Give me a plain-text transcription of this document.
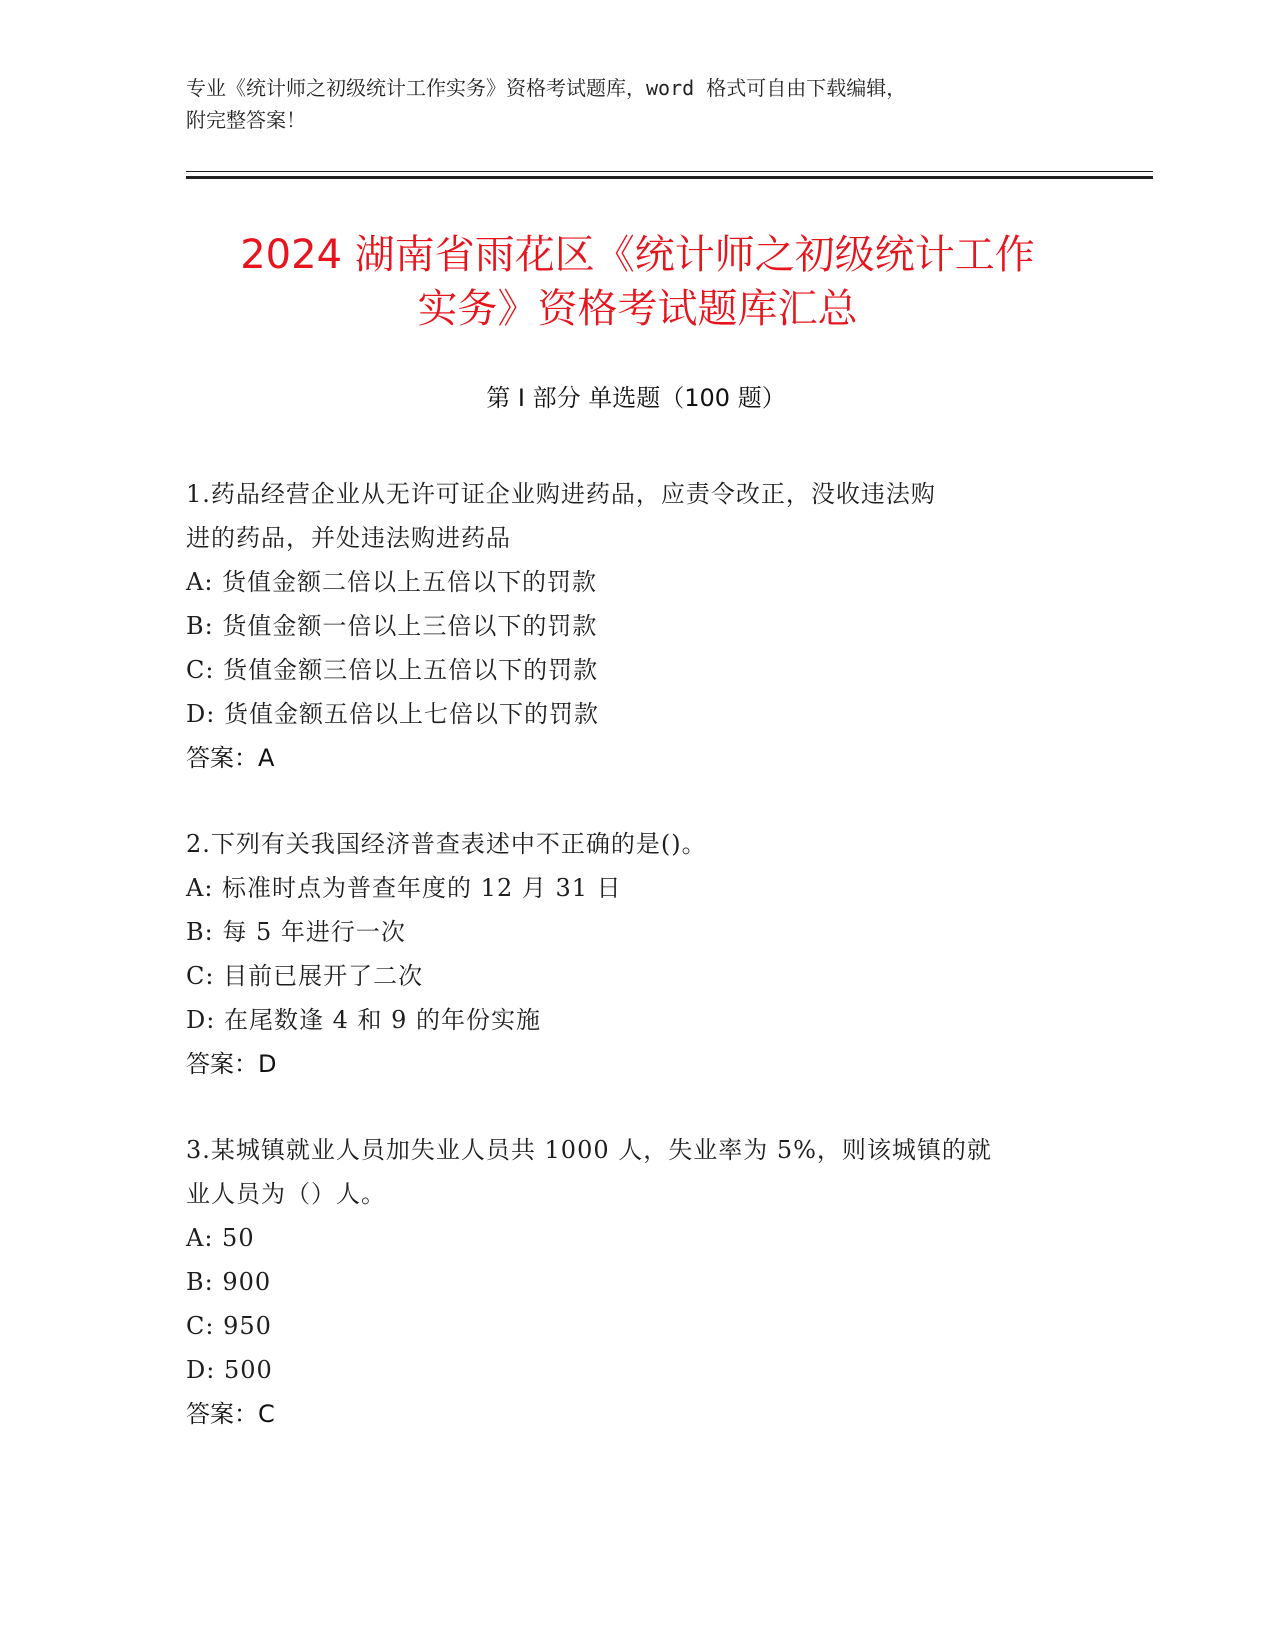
专业《统计师之初级统计工作实务》资格考试题库，word 格式可自由下载编辑，
附完整答案！
2024 湖南省雨花区《统计师之初级统计工作
实务》资格考试题库汇总
第 I 部分 单选题（100 题）

1.药品经营企业从无许可证企业购进药品，应责令改正，没收违法购

进的药品，并处违法购进药品

A: 货值金额二倍以上五倍以下的罚款

B: 货值金额一倍以上三倍以下的罚款

C: 货值金额三倍以上五倍以下的罚款

D: 货值金额五倍以上七倍以下的罚款

答案：A

2.下列有关我国经济普查表述中不正确的是()。

A: 标准时点为普查年度的 12 月 31 日

B: 每 5 年进行一次

C: 目前已展开了二次

D: 在尾数逢 4 和 9 的年份实施

答案：D

3.某城镇就业人员加失业人员共 1000 人，失业率为 5%，则该城镇的就

业人员为（）人。

A: 50

B: 900

C: 950

D: 500

答案：C
